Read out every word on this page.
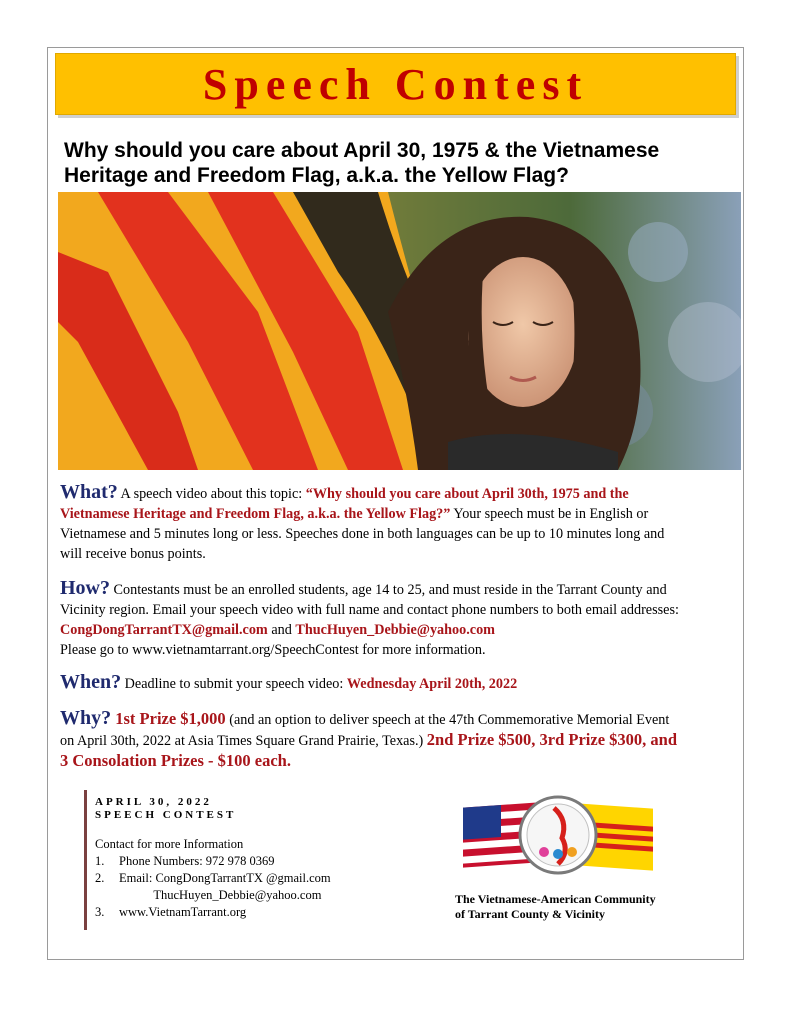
Speech Contest
Why should you care about April 30, 1975 & the Vietnamese
Heritage and Freedom Flag, a.k.a. the Yellow Flag?
What? A speech video about this topic: “Why should you care about April 30th, 1975 and the
Vietnamese Heritage and Freedom Flag, a.k.a. the Yellow Flag?” Your speech must be in English or
Vietnamese and 5 minutes long or less. Speeches done in both languages can be up to 10 minutes long and
will receive bonus points.
How? Contestants must be an enrolled students, age 14 to 25, and must reside in the Tarrant County and
Vicinity region. Email your speech video with full name and contact phone numbers to both email addresses:
CongDongTarrantTX@gmail.com and ThucHuyen_Debbie@yahoo.com
Please go to www.vietnamtarrant.org/SpeechContest for more information.
When? Deadline to submit your speech video: Wednesday April 20th, 2022
Why? 1st Prize $1,000 (and an option to deliver speech at the 47th Commemorative Memorial Event
on April 30th, 2022 at Asia Times Square Grand Prairie, Texas.) 2nd Prize $500, 3rd Prize $300, and
3 Consolation Prizes - $100 each.
APRIL 30, 2022
SPEECH CONTEST
Contact for more Information
1.	Phone Numbers: 972 978 0369
2.	Email: CongDongTarrantTX @gmail.com
ThucHuyen_Debbie@yahoo.com
3.	www.VietnamTarrant.org
The Vietnamese-American Community
of Tarrant County & Vicinity
